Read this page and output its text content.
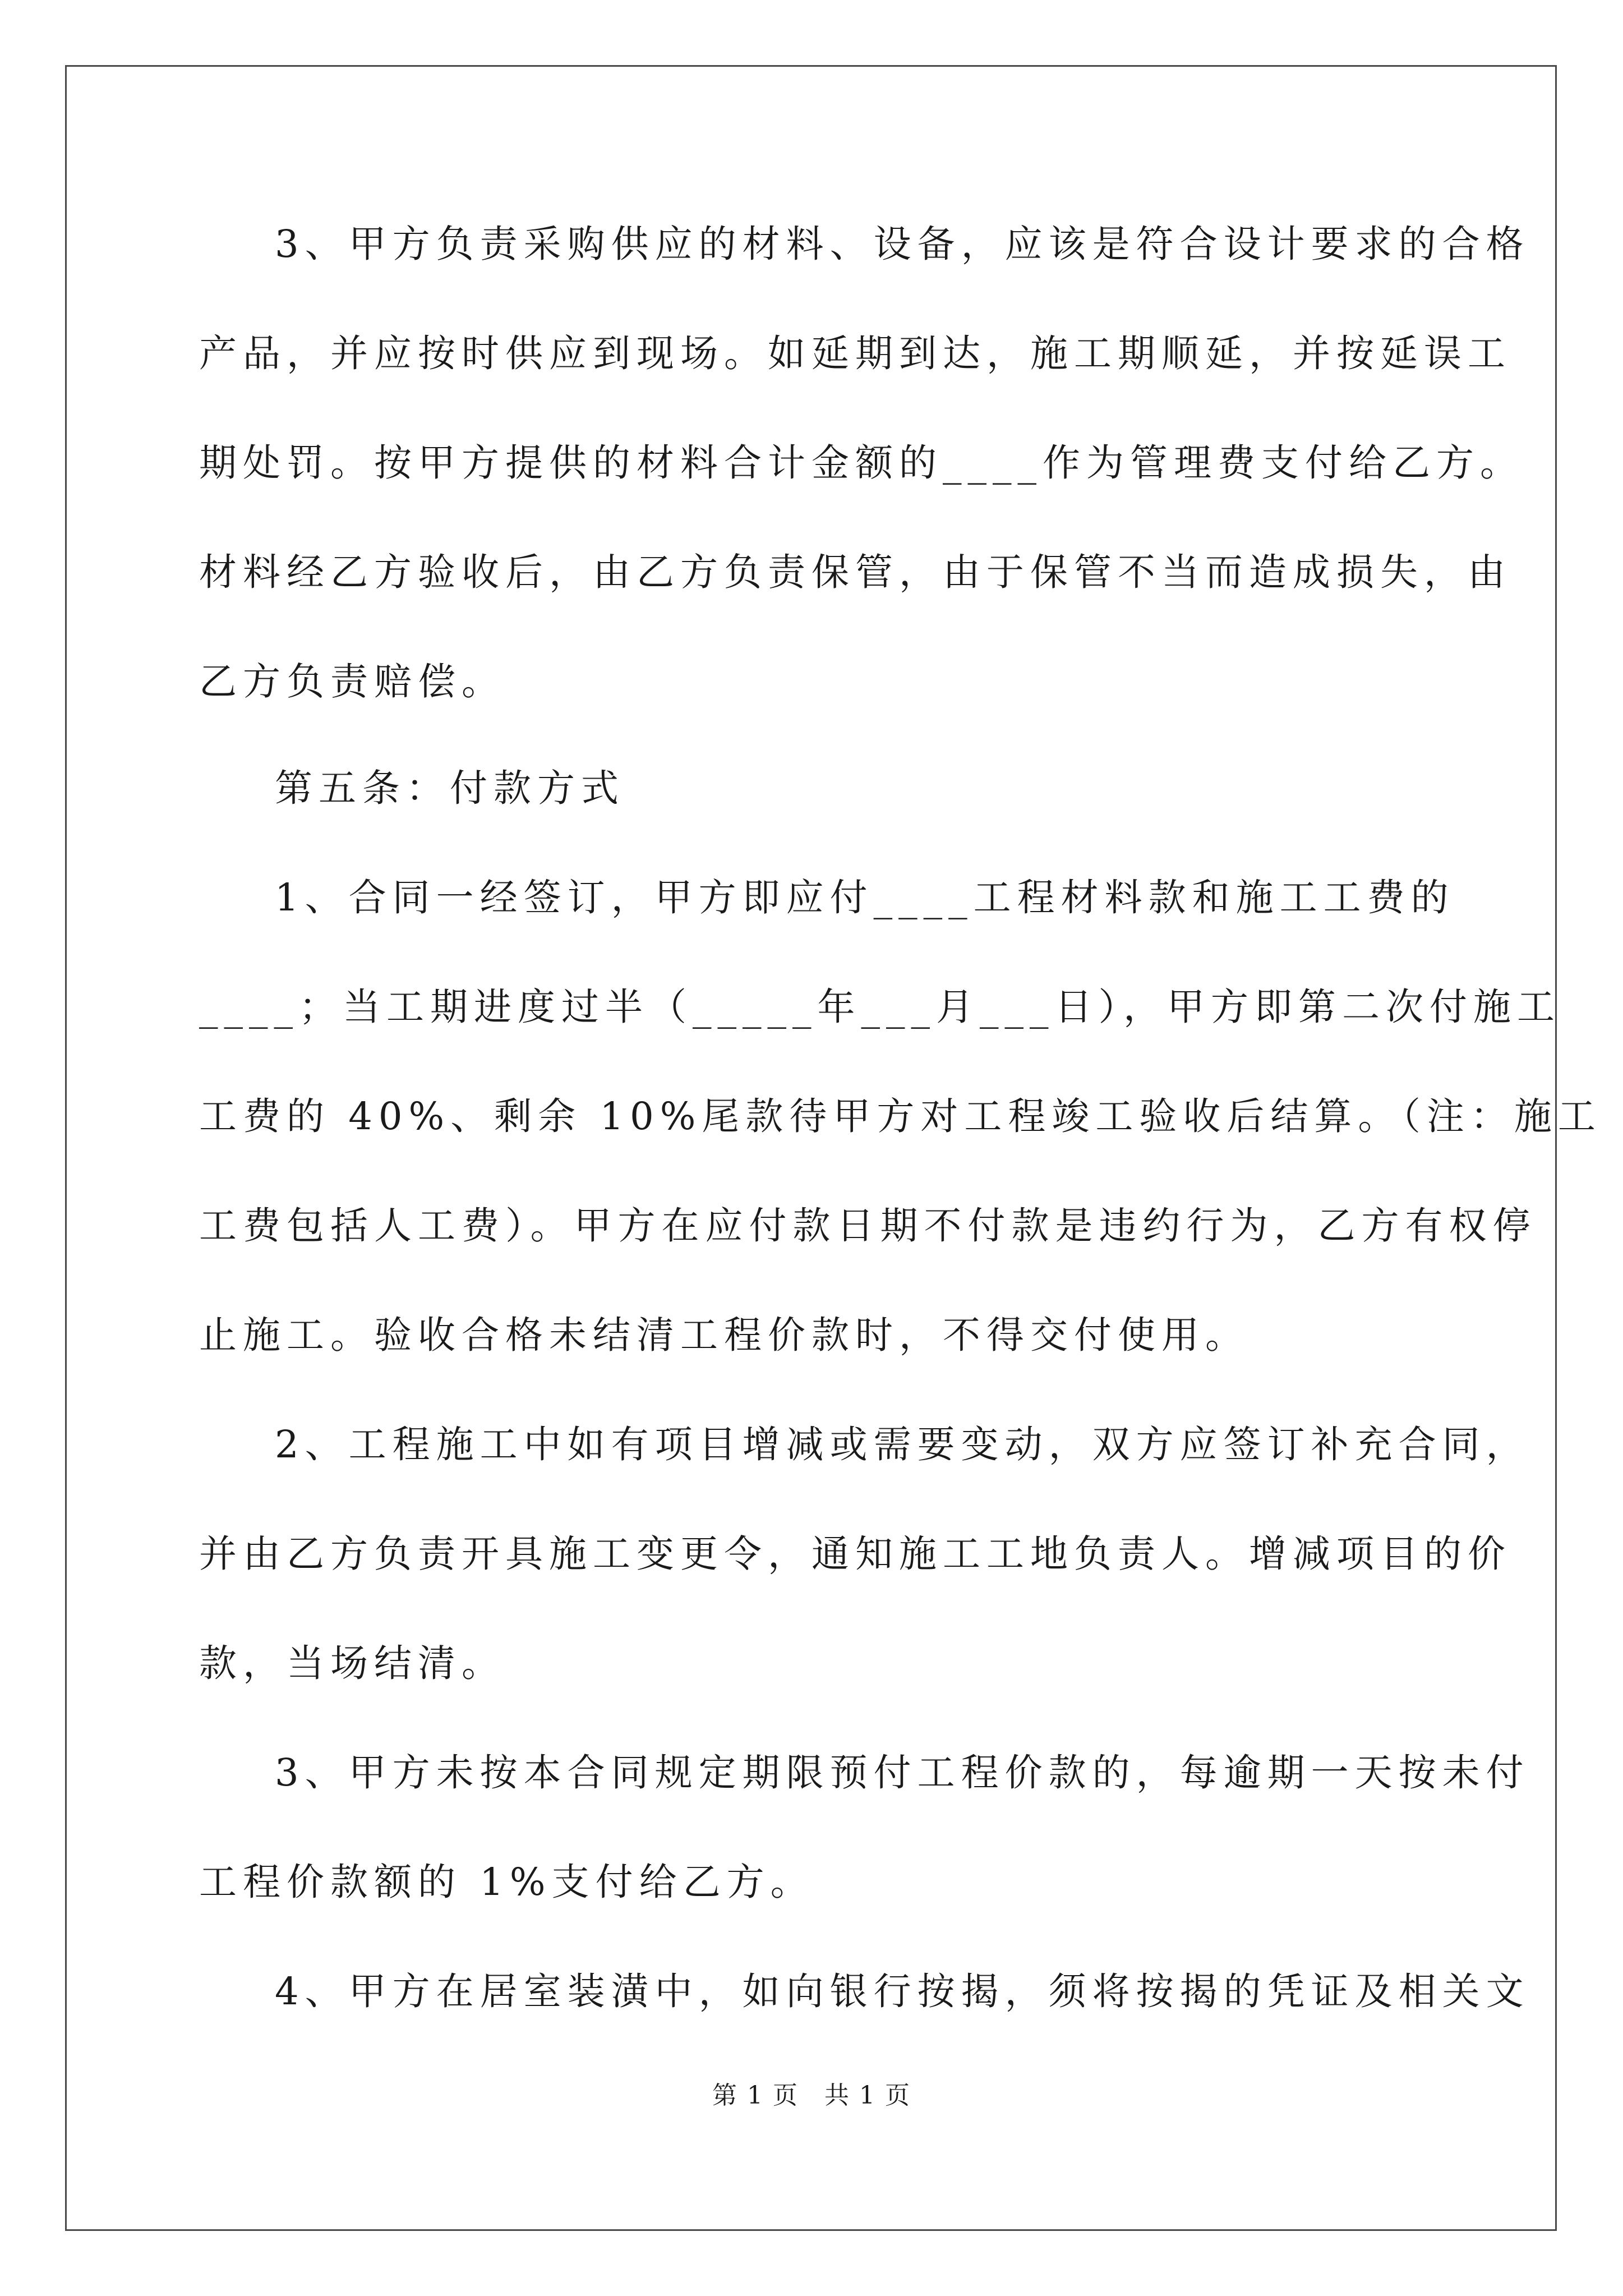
3、甲方负责采购供应的材料、设备，应该是符合设计要求的合格
产品，并应按时供应到现场。如延期到达，施工期顺延，并按延误工
期处罚。按甲方提供的材料合计金额的____作为管理费支付给乙方。
材料经乙方验收后，由乙方负责保管，由于保管不当而造成损失，由
乙方负责赔偿。
第五条：付款方式
1、合同一经签订，甲方即应付____工程材料款和施工工费的
____；当工期进度过半（_____年___月___日），甲方即第二次付施工
工费的 40%、剩余 10%尾款待甲方对工程竣工验收后结算。（注：施工
工费包括人工费）。甲方在应付款日期不付款是违约行为，乙方有权停
止施工。验收合格未结清工程价款时，不得交付使用。
2、工程施工中如有项目增减或需要变动，双方应签订补充合同，
并由乙方负责开具施工变更令，通知施工工地负责人。增减项目的价
款，当场结清。
3、甲方未按本合同规定期限预付工程价款的，每逾期一天按未付
工程价款额的 1%支付给乙方。
4、甲方在居室装潢中，如向银行按揭，须将按揭的凭证及相关文
第 1 页　共 1 页
